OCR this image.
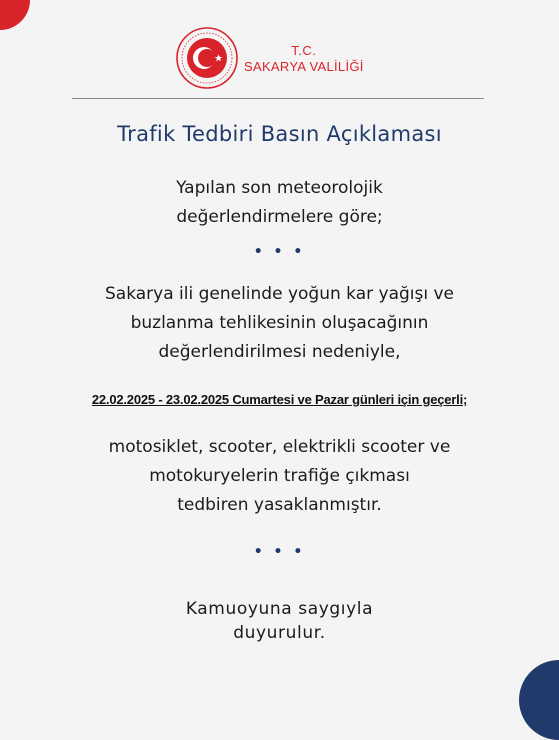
T.C.
SAKARYA VALİLİĞİ
Trafik Tedbiri Basın Açıklaması
Yapılan son meteorolojik
değerlendirmelere göre;
• • •
Sakarya ili genelinde yoğun kar yağışı ve
buzlanma tehlikesinin oluşacağının
değerlendirilmesi nedeniyle,
22.02.2025 - 23.02.2025 Cumartesi ve Pazar günleri için geçerli;
motosiklet, scooter, elektrikli scooter ve
motokuryelerin trafiğe çıkması
tedbiren yasaklanmıştır.
• • •
Kamuoyuna saygıyla
duyurulur.
